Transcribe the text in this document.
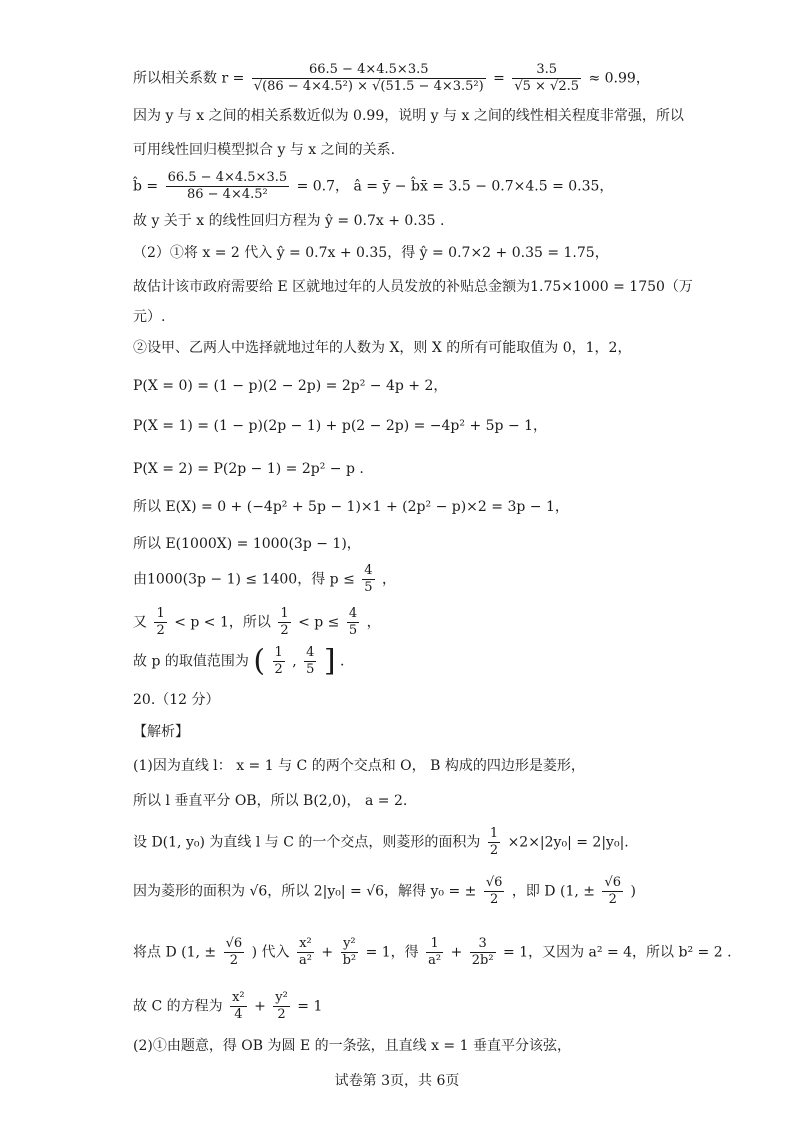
所以相关系数 $r = \frac{66.5 - 4\times 4.5\times 3.5}{\text{√(86 − 4×4.5²) × √(51.5 − 4×3.5²)}} = \frac{3.5}{√5 \times √2.5} \approx 0.99$，
因为 y 与 x 之间的相关系数近似为 0.99，说明 y 与 x 之间的线性相关程度非常强，所以
可用线性回归模型拟合 y 与 x 之间的关系.
b̂ = $\frac{66.5 - 4\times 4.5\times 3.5}{\text{86 − 4×4.5²}} = 0.7$， â = ȳ − b̂x̄ = 3.5 − 0.7×4.5 = 0.35，
故 y 关于 x 的线性回归方程为 ŷ = 0.7x + 0.35 .
（2）①将 x = 2 代入 ŷ = 0.7x + 0.35，得 ŷ = 0.7×2 + 0.35 = 1.75，
故估计该市政府需要给 E 区就地过年的人员发放的补贴总金额为1.75×1000 = 1750（万
元）.
②设甲、乙两人中选择就地过年的人数为 X，则 X 的所有可能取值为 0，1，2，
P(X = 0) = (1 − p)(2 − 2p) = 2p² − 4p + 2，
P(X = 1) = (1 − p)(2p − 1) + p(2 − 2p) = −4p² + 5p − 1，
P(X = 2) = P(2p − 1) = 2p² − p .
所以 E(X) = 0 + (−4p² + 5p − 1)×1 + (2p² − p)×2 = 3p − 1，
所以 E(1000X) = 1000(3p − 1)，
由1000(3p − 1) ≤ 1400，得 $p \le \frac{4}{5}$ ，
又 $\frac{1}{2} < p < 1$，所以 $\frac{1}{2} < p \le \frac{4}{5}$ ，
故 p 的取值范围为 ( $\frac{1}{2}$ , $\frac{4}{5}$ ] .
20.（12 分）
【解析】
(1)因为直线 l： x = 1 与 C 的两个交点和 O， B 构成的四边形是菱形，
所以 l 垂直平分 OB，所以 B(2,0)， a = 2.
设 D(1, y₀) 为直线 l 与 C 的一个交点，则菱形的面积为 $\frac{1}{2} \times 2\times|2y_0| = 2|y_0|$.
因为菱形的面积为 √6，所以 2|y₀| = √6，解得 y₀ = ± $\frac{√6}{2}$ ，即 D (1, ± $\frac{√6}{2}$ )
将点 D (1, ± $\frac{√6}{2}$ ) 代入 $\frac{\text{x²}}{\text{a²}} + \frac{\text{y²}}{\text{b²}} = 1$，得 $\frac{1}{\text{a²}} + \frac{3}{\text{2b²}} = 1$，又因为 a² = 4，所以 b² = 2 .
故 C 的方程为 $\frac{\text{x²}}{4} + \frac{\text{y²}}{2} = 1$
(2)①由题意，得 OB 为圆 E 的一条弦，且直线 x = 1 垂直平分该弦，
试卷第 3页，共 6页
